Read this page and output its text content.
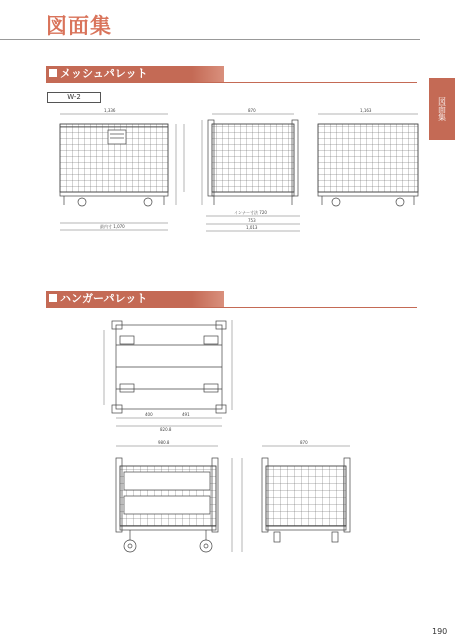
図面集
図面集
メッシュパレット
W-2
ハンガーパレット
1,336
最内寸 1,070
870
インナー寸法 720
753
1,013
1,163
400	491
820.8
980.8	870
190
